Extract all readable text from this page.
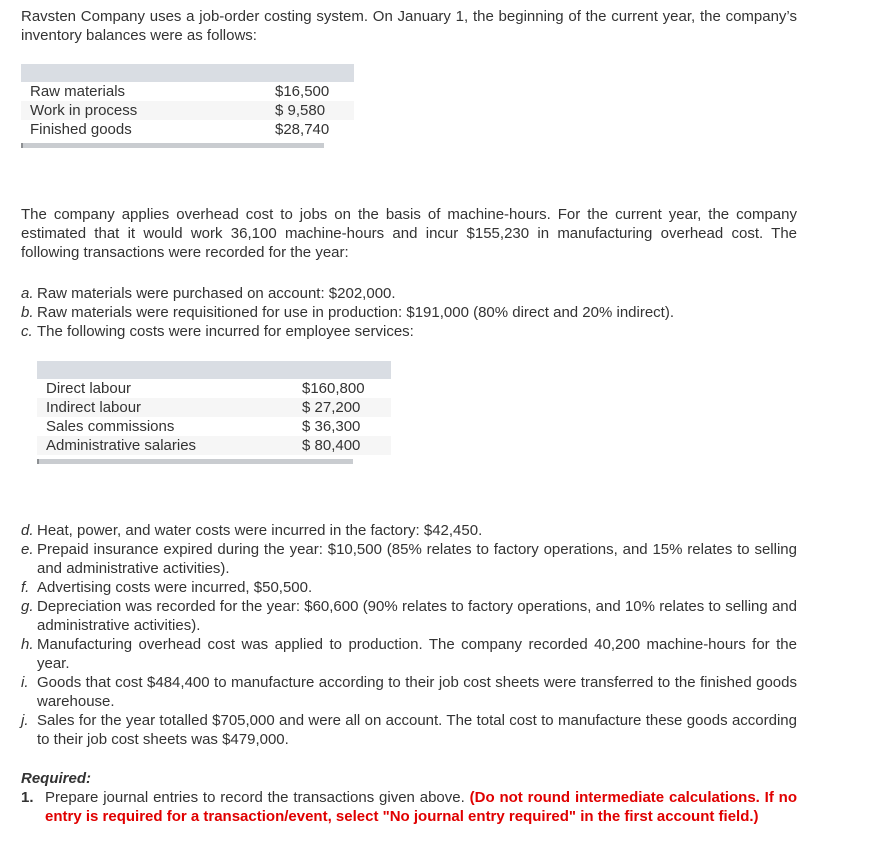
Ravsten Company uses a job-order costing system. On January 1, the beginning of the current year, the company’s inventory balances were as follows:

Raw materials	$16,500
Work in process	$ 9,580
Finished goods	$28,740

The company applies overhead cost to jobs on the basis of machine-hours. For the current year, the company estimated that it would work 36,100 machine-hours and incur $155,230 in manufacturing overhead cost. The following transactions were recorded for the year:

a. Raw materials were purchased on account: $202,000.
b. Raw materials were requisitioned for use in production: $191,000 (80% direct and 20% indirect).
c. The following costs were incurred for employee services:
Direct labour	$160,800
Indirect labour	$ 27,200
Sales commissions	$ 36,300
Administrative salaries	$ 80,400
d. Heat, power, and water costs were incurred in the factory: $42,450.
e. Prepaid insurance expired during the year: $10,500 (85% relates to factory operations, and 15% relates to selling and administrative activities).
f. Advertising costs were incurred, $50,500.
g. Depreciation was recorded for the year: $60,600 (90% relates to factory operations, and 10% relates to selling and administrative activities).
h. Manufacturing overhead cost was applied to production. The company recorded 40,200 machine-hours for the year.
i. Goods that cost $484,400 to manufacture according to their job cost sheets were transferred to the finished goods warehouse.
j. Sales for the year totalled $705,000 and were all on account. The total cost to manufacture these goods according to their job cost sheets was $479,000.
Required:
1. Prepare journal entries to record the transactions given above. (Do not round intermediate calculations. If no entry is required for a transaction/event, select "No journal entry required" in the first account field.)
